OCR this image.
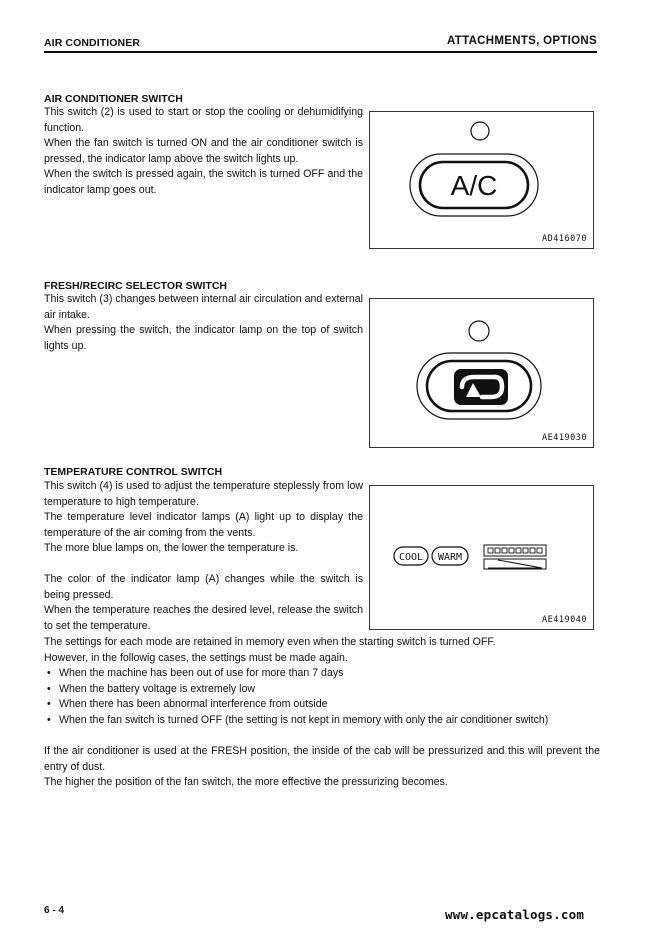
AIR CONDITIONER	ATTACHMENTS, OPTIONS
AIR CONDITIONER SWITCH

This switch (2) is used to start or stop the cooling or dehumidifying function.

When the fan switch is turned ON and the air conditioner switch is pressed, the indicator lamp above the switch lights up.

When the switch is pressed again, the switch is turned OFF and the indicator lamp goes out.	A/C
AD416070
FRESH/RECIRC SELECTOR SWITCH

This switch (3) changes between internal air circulation and external air intake.

When pressing the switch, the indicator lamp on the top of switch lights up.

AE419030
TEMPERATURE CONTROL SWITCH

This switch (4) is used to adjust the temperature steplessly from low temperature to high temperature.

The temperature level indicator lamps (A) light up to display the temperature of the air coming from the vents.

The more blue lamps on, the lower the temperature is.

The color of the indicator lamp (A) changes while the switch is being pressed.

When the temperature reaches the desired level, release the switch to set the temperature.

COOL WARM
AE419040

The settings for each mode are retained in memory even when the starting switch is turned OFF.

However, in the followig cases, the settings must be made again.

• When the machine has been out of use for more than 7 days
• When the battery voltage is extremely low
• When there has been abnormal interference from outside
• When the fan switch is turned OFF (the setting is not kept in memory with only the air conditioner switch)

If the air conditioner is used at the FRESH position, the inside of the cab will be pressurized and this will prevent the entry of dust.

The higher the position of the fan switch, the more effective the pressurizing becomes.

6 - 4	www.epcatalogs.com
